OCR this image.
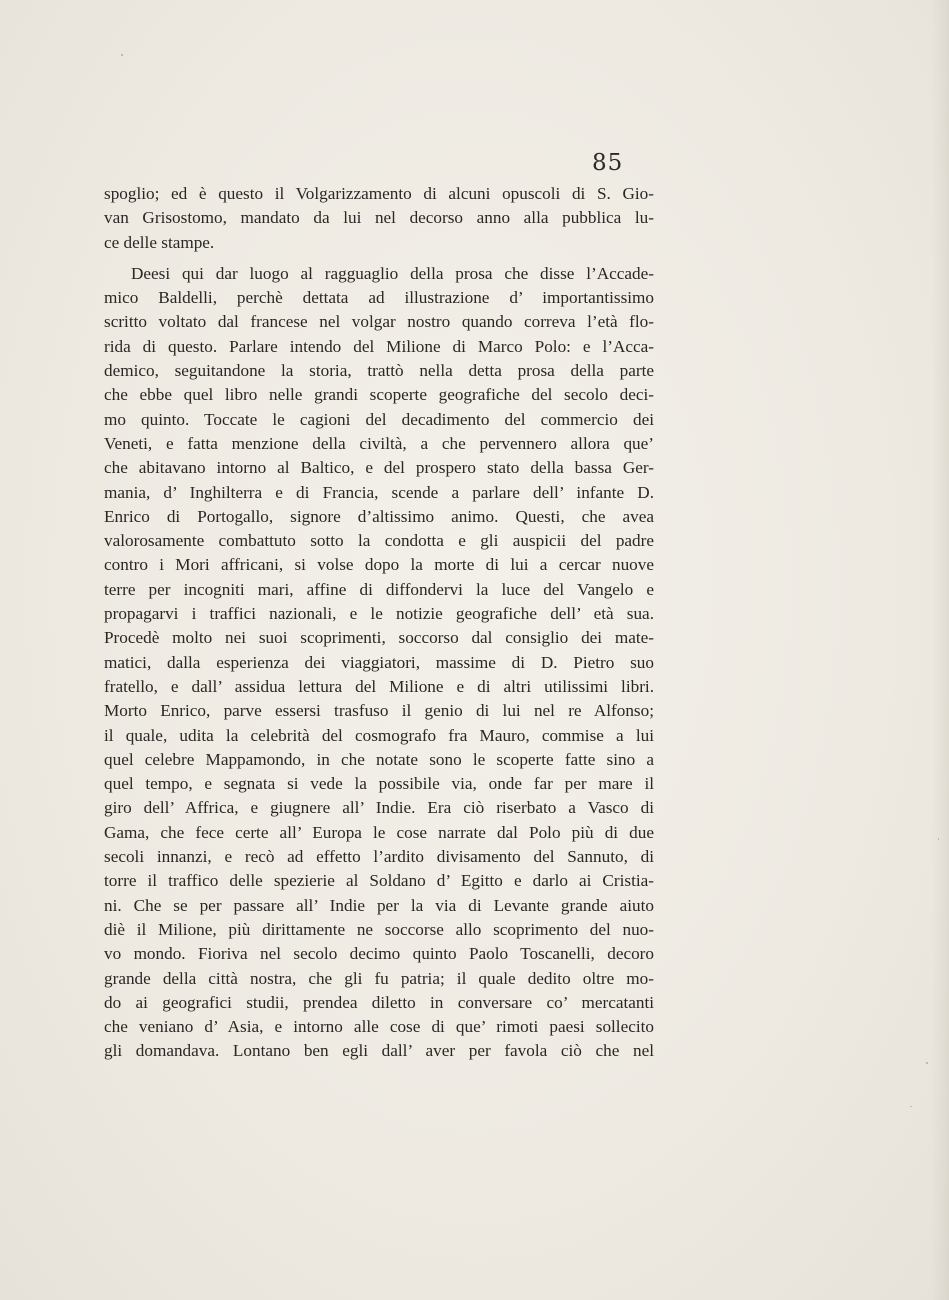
85

spoglio; ed è questo il Volgarizzamento di alcuni opuscoli di S. Gio-
van Grisostomo, mandato da lui nel decorso anno alla pubblica lu-
ce delle stampe.
Deesi qui dar luogo al ragguaglio della prosa che disse l’Accade-
mico Baldelli, perchè dettata ad illustrazione d’ importantissimo
scritto voltato dal francese nel volgar nostro quando correva l’età flo-
rida di questo. Parlare intendo del Milione di Marco Polo: e l’Acca-
demico, seguitandone la storia, trattò nella detta prosa della parte
che ebbe quel libro nelle grandi scoperte geografiche del secolo deci-
mo quinto. Toccate le cagioni del decadimento del commercio dei
Veneti, e fatta menzione della civiltà, a che pervennero allora que’
che abitavano intorno al Baltico, e del prospero stato della bassa Ger-
mania, d’ Inghilterra e di Francia, scende a parlare dell’ infante D.
Enrico di Portogallo, signore d’altissimo animo. Questi, che avea
valorosamente combattuto sotto la condotta e gli auspicii del padre
contro i Mori affricani, si volse dopo la morte di lui a cercar nuove
terre per incogniti mari, affine di diffondervi la luce del Vangelo e
propagarvi i traffici nazionali, e le notizie geografiche dell’ età sua.
Procedè molto nei suoi scoprimenti, soccorso dal consiglio dei mate-
matici, dalla esperienza dei viaggiatori, massime di D. Pietro suo
fratello, e dall’ assidua lettura del Milione e di altri utilissimi libri.
Morto Enrico, parve essersi trasfuso il genio di lui nel re Alfonso;
il quale, udita la celebrità del cosmografo fra Mauro, commise a lui
quel celebre Mappamondo, in che notate sono le scoperte fatte sino a
quel tempo, e segnata si vede la possibile via, onde far per mare il
giro dell’ Affrica, e giugnere all’ Indie. Era ciò riserbato a Vasco di
Gama, che fece certe all’ Europa le cose narrate dal Polo più di due
secoli innanzi, e recò ad effetto l’ardito divisamento del Sannuto, di
torre il traffico delle spezierie al Soldano d’ Egitto e darlo ai Cristia-
ni. Che se per passare all’ Indie per la via di Levante grande aiuto
diè il Milione, più dirittamente ne soccorse allo scoprimento del nuo-
vo mondo. Fioriva nel secolo decimo quinto Paolo Toscanelli, decoro
grande della città nostra, che gli fu patria; il quale dedito oltre mo-
do ai geografici studii, prendea diletto in conversare co’ mercatanti
che veniano d’ Asia, e intorno alle cose di que’ rimoti paesi sollecito
gli domandava. Lontano ben egli dall’ aver per favola ciò che nel
